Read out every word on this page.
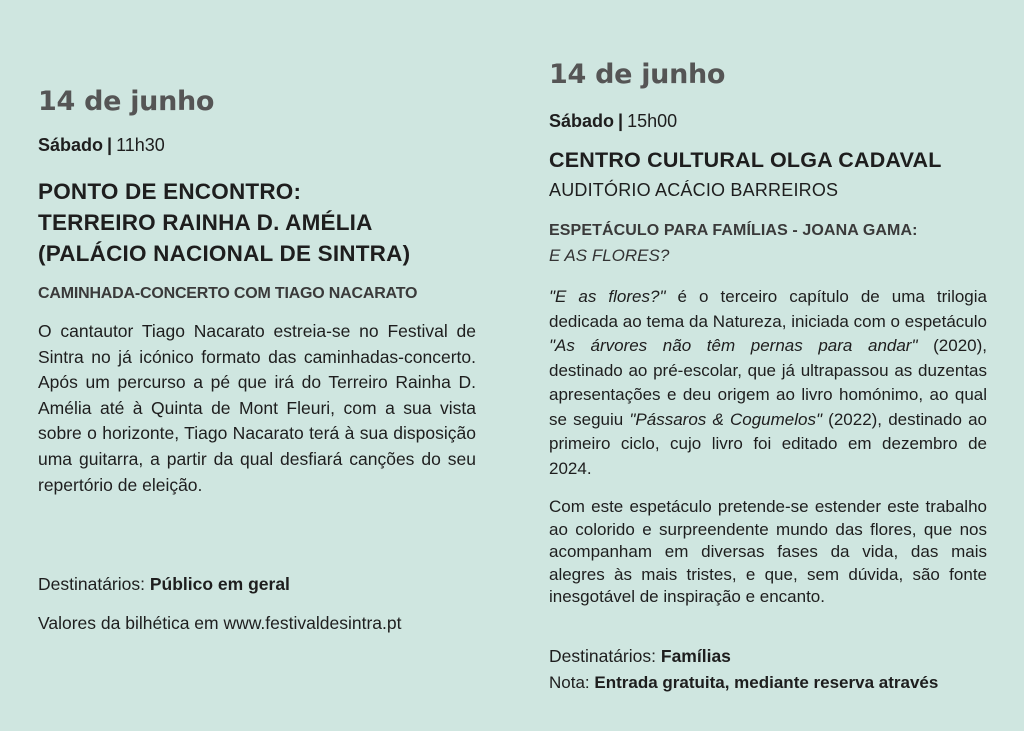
14 de junho

Sábado | 11h30

PONTO DE ENCONTRO:
TERREIRO RAINHA D. AMÉLIA
(PALÁCIO NACIONAL DE SINTRA)
CAMINHADA-CONCERTO COM TIAGO NACARATO

O cantautor Tiago Nacarato estreia-se no Festival de Sintra no já icónico formato das caminhadas-concerto. Após um percurso a pé que irá do Terreiro Rainha D. Amélia até à Quinta de Mont Fleuri, com a sua vista sobre o horizonte, Tiago Nacarato terá à sua disposição uma guitarra, a partir da qual desfiará canções do seu repertório de eleição.

Destinatários: Público em geral

Valores da bilhética em www.festivaldesintra.pt

14 de junho

Sábado | 15h00

CENTRO CULTURAL OLGA CADAVAL

AUDITÓRIO ACÁCIO BARREIROS

ESPETÁCULO PARA FAMÍLIAS - JOANA GAMA:

E AS FLORES?

"E as flores?" é o terceiro capítulo de uma trilogia dedicada ao tema da Natureza, iniciada com o espetáculo "As árvores não têm pernas para andar" (2020), destinado ao pré-escolar, que já ultrapassou as duzentas apresentações e deu origem ao livro homónimo, ao qual se seguiu "Pássaros & Cogumelos" (2022), destinado ao primeiro ciclo, cujo livro foi editado em dezembro de 2024.

Com este espetáculo pretende-se estender este trabalho ao colorido e surpreendente mundo das flores, que nos acompanham em diversas fases da vida, das mais alegres às mais tristes, e que, sem dúvida, são fonte inesgotável de inspiração e encanto.

Destinatários: Famílias

Nota: Entrada gratuita, mediante reserva através
